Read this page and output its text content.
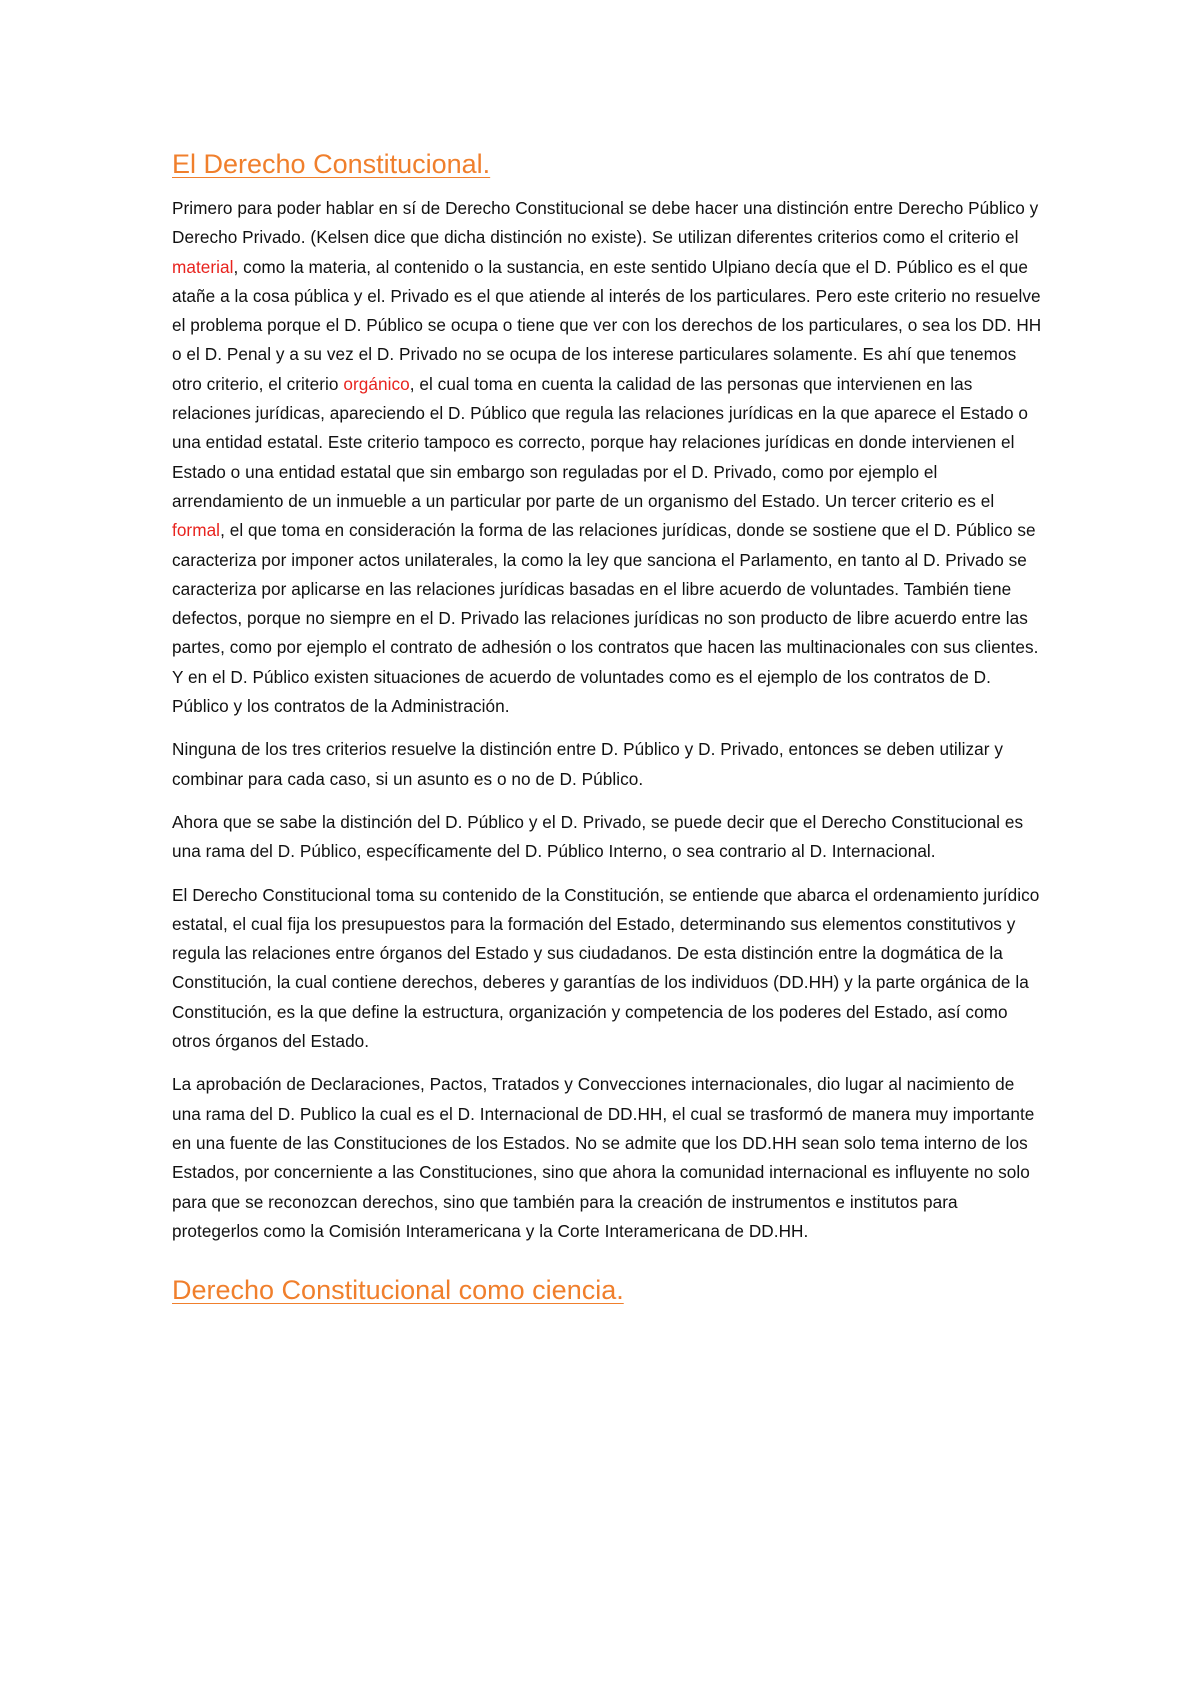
El Derecho Constitucional.

Primero para poder hablar en sí de Derecho Constitucional se debe hacer una distinción entre Derecho Público y Derecho Privado. (Kelsen dice que dicha distinción no existe). Se utilizan diferentes criterios como el criterio el material, como la materia, al contenido o la sustancia, en este sentido Ulpiano decía que el D. Público es el que atañe a la cosa pública y el. Privado es el que atiende al interés de los particulares. Pero este criterio no resuelve el problema porque el D. Público se ocupa o tiene que ver con los derechos de los particulares, o sea los DD. HH o el D. Penal y a su vez el D. Privado no se ocupa de los interese particulares solamente. Es ahí que tenemos otro criterio, el criterio orgánico, el cual toma en cuenta la calidad de las personas que intervienen en las relaciones jurídicas, apareciendo el D. Público que regula las relaciones jurídicas en la que aparece el Estado o una entidad estatal. Este criterio tampoco es correcto, porque hay relaciones jurídicas en donde intervienen el Estado o una entidad estatal que sin embargo son reguladas por el D. Privado, como por ejemplo el arrendamiento de un inmueble a un particular por parte de un organismo del Estado. Un tercer criterio es el formal, el que toma en consideración la forma de las relaciones jurídicas, donde se sostiene que el D. Público se caracteriza por imponer actos unilaterales, la como la ley que sanciona el Parlamento, en tanto al D. Privado se caracteriza por aplicarse en las relaciones jurídicas basadas en el libre acuerdo de voluntades. También tiene defectos, porque no siempre en el D. Privado las relaciones jurídicas no son producto de libre acuerdo entre las partes, como por ejemplo el contrato de adhesión o los contratos que hacen las multinacionales con sus clientes. Y en el D. Público existen situaciones de acuerdo de voluntades como es el ejemplo de los contratos de D. Público y los contratos de la Administración.

Ninguna de los tres criterios resuelve la distinción entre D. Público y D. Privado, entonces se deben utilizar y combinar para cada caso, si un asunto es o no de D. Público.

Ahora que se sabe la distinción del D. Público y el D. Privado, se puede decir que el Derecho Constitucional es una rama del D. Público, específicamente del D. Público Interno, o sea contrario al D. Internacional.

El Derecho Constitucional toma su contenido de la Constitución, se entiende que abarca el ordenamiento jurídico estatal, el cual fija los presupuestos para la formación del Estado, determinando sus elementos constitutivos y regula las relaciones entre órganos del Estado y sus ciudadanos. De esta distinción entre la dogmática de la Constitución, la cual contiene derechos, deberes y garantías de los individuos (DD.HH) y la parte orgánica de la Constitución, es la que define la estructura, organización y competencia de los poderes del Estado, así como otros órganos del Estado.

La aprobación de Declaraciones, Pactos, Tratados y Convecciones internacionales, dio lugar al nacimiento de una rama del D. Publico la cual es el D. Internacional de DD.HH, el cual se trasformó de manera muy importante en una fuente de las Constituciones de los Estados. No se admite que los DD.HH sean solo tema interno de los Estados, por concerniente a las Constituciones, sino que ahora la comunidad internacional es influyente no solo para que se reconozcan derechos, sino que también para la creación de instrumentos e institutos para protegerlos como la Comisión Interamericana y la Corte Interamericana de DD.HH.

Derecho Constitucional como ciencia.
